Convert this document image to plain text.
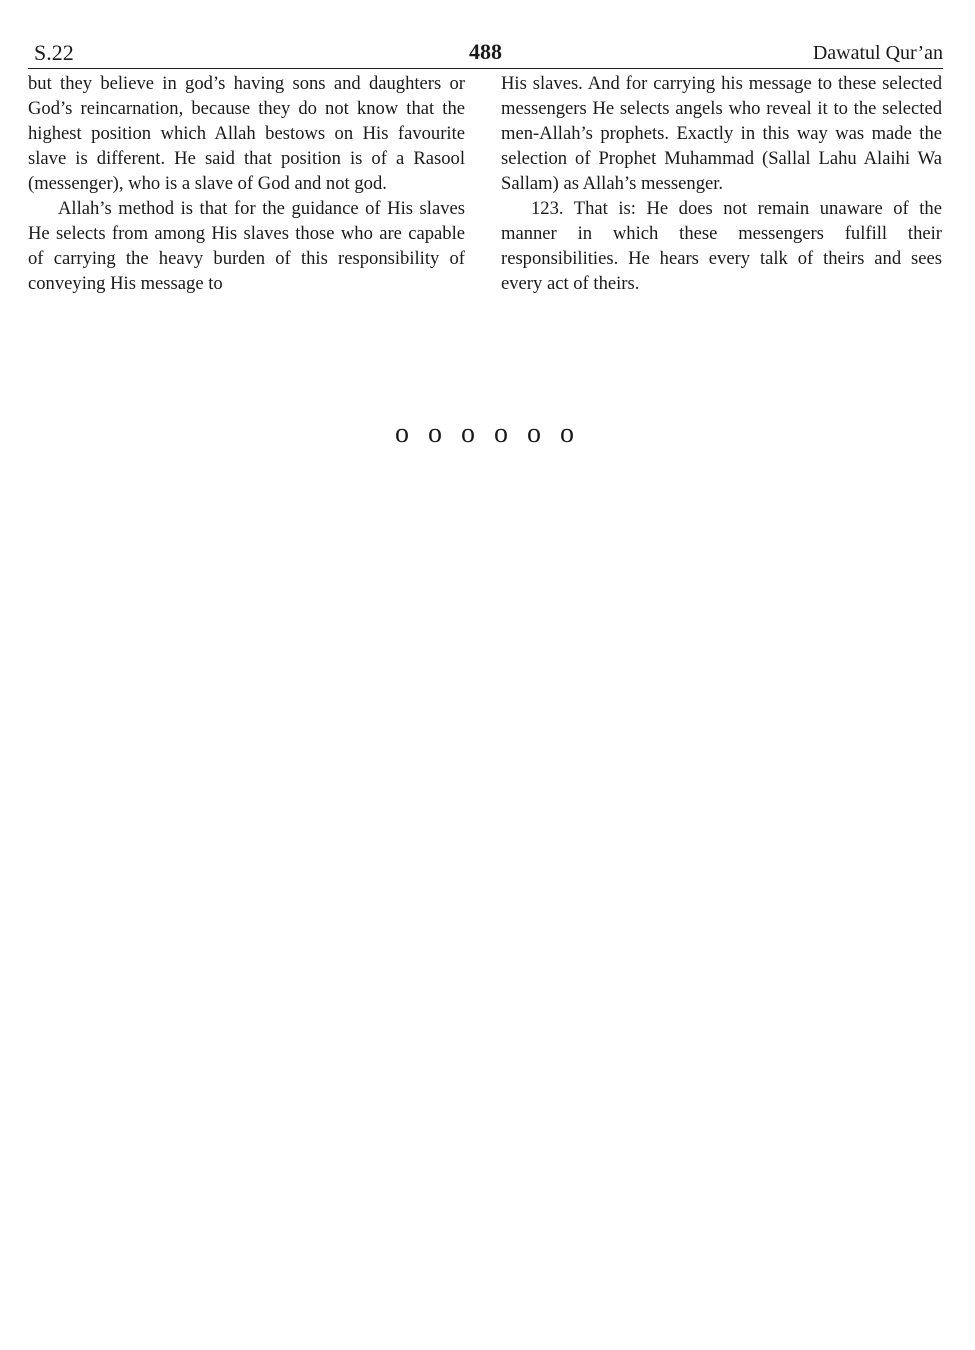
S.22	488	Dawatul Qur’an

but they believe in god’s having sons and daughters or God’s reincarnation, because they do not know that the highest position which Allah bestows on His favourite slave is different. He said that position is of a Rasool (messenger), who is a slave of God and not god.

Allah’s method is that for the guidance of His slaves He selects from among His slaves those who are capable of carrying the heavy burden of this responsibility of conveying His message to

His slaves. And for carrying his message to these selected messengers He selects angels who reveal it to the selected men-Allah’s prophets. Exactly in this way was made the selection of Prophet Muhammad (Sallal Lahu Alaihi Wa Sallam) as Allah’s messenger.

123. That is: He does not remain unaware of the manner in which these messengers fulfill their responsibilities. He hears every talk of theirs and sees every act of theirs.

o o o o o o
